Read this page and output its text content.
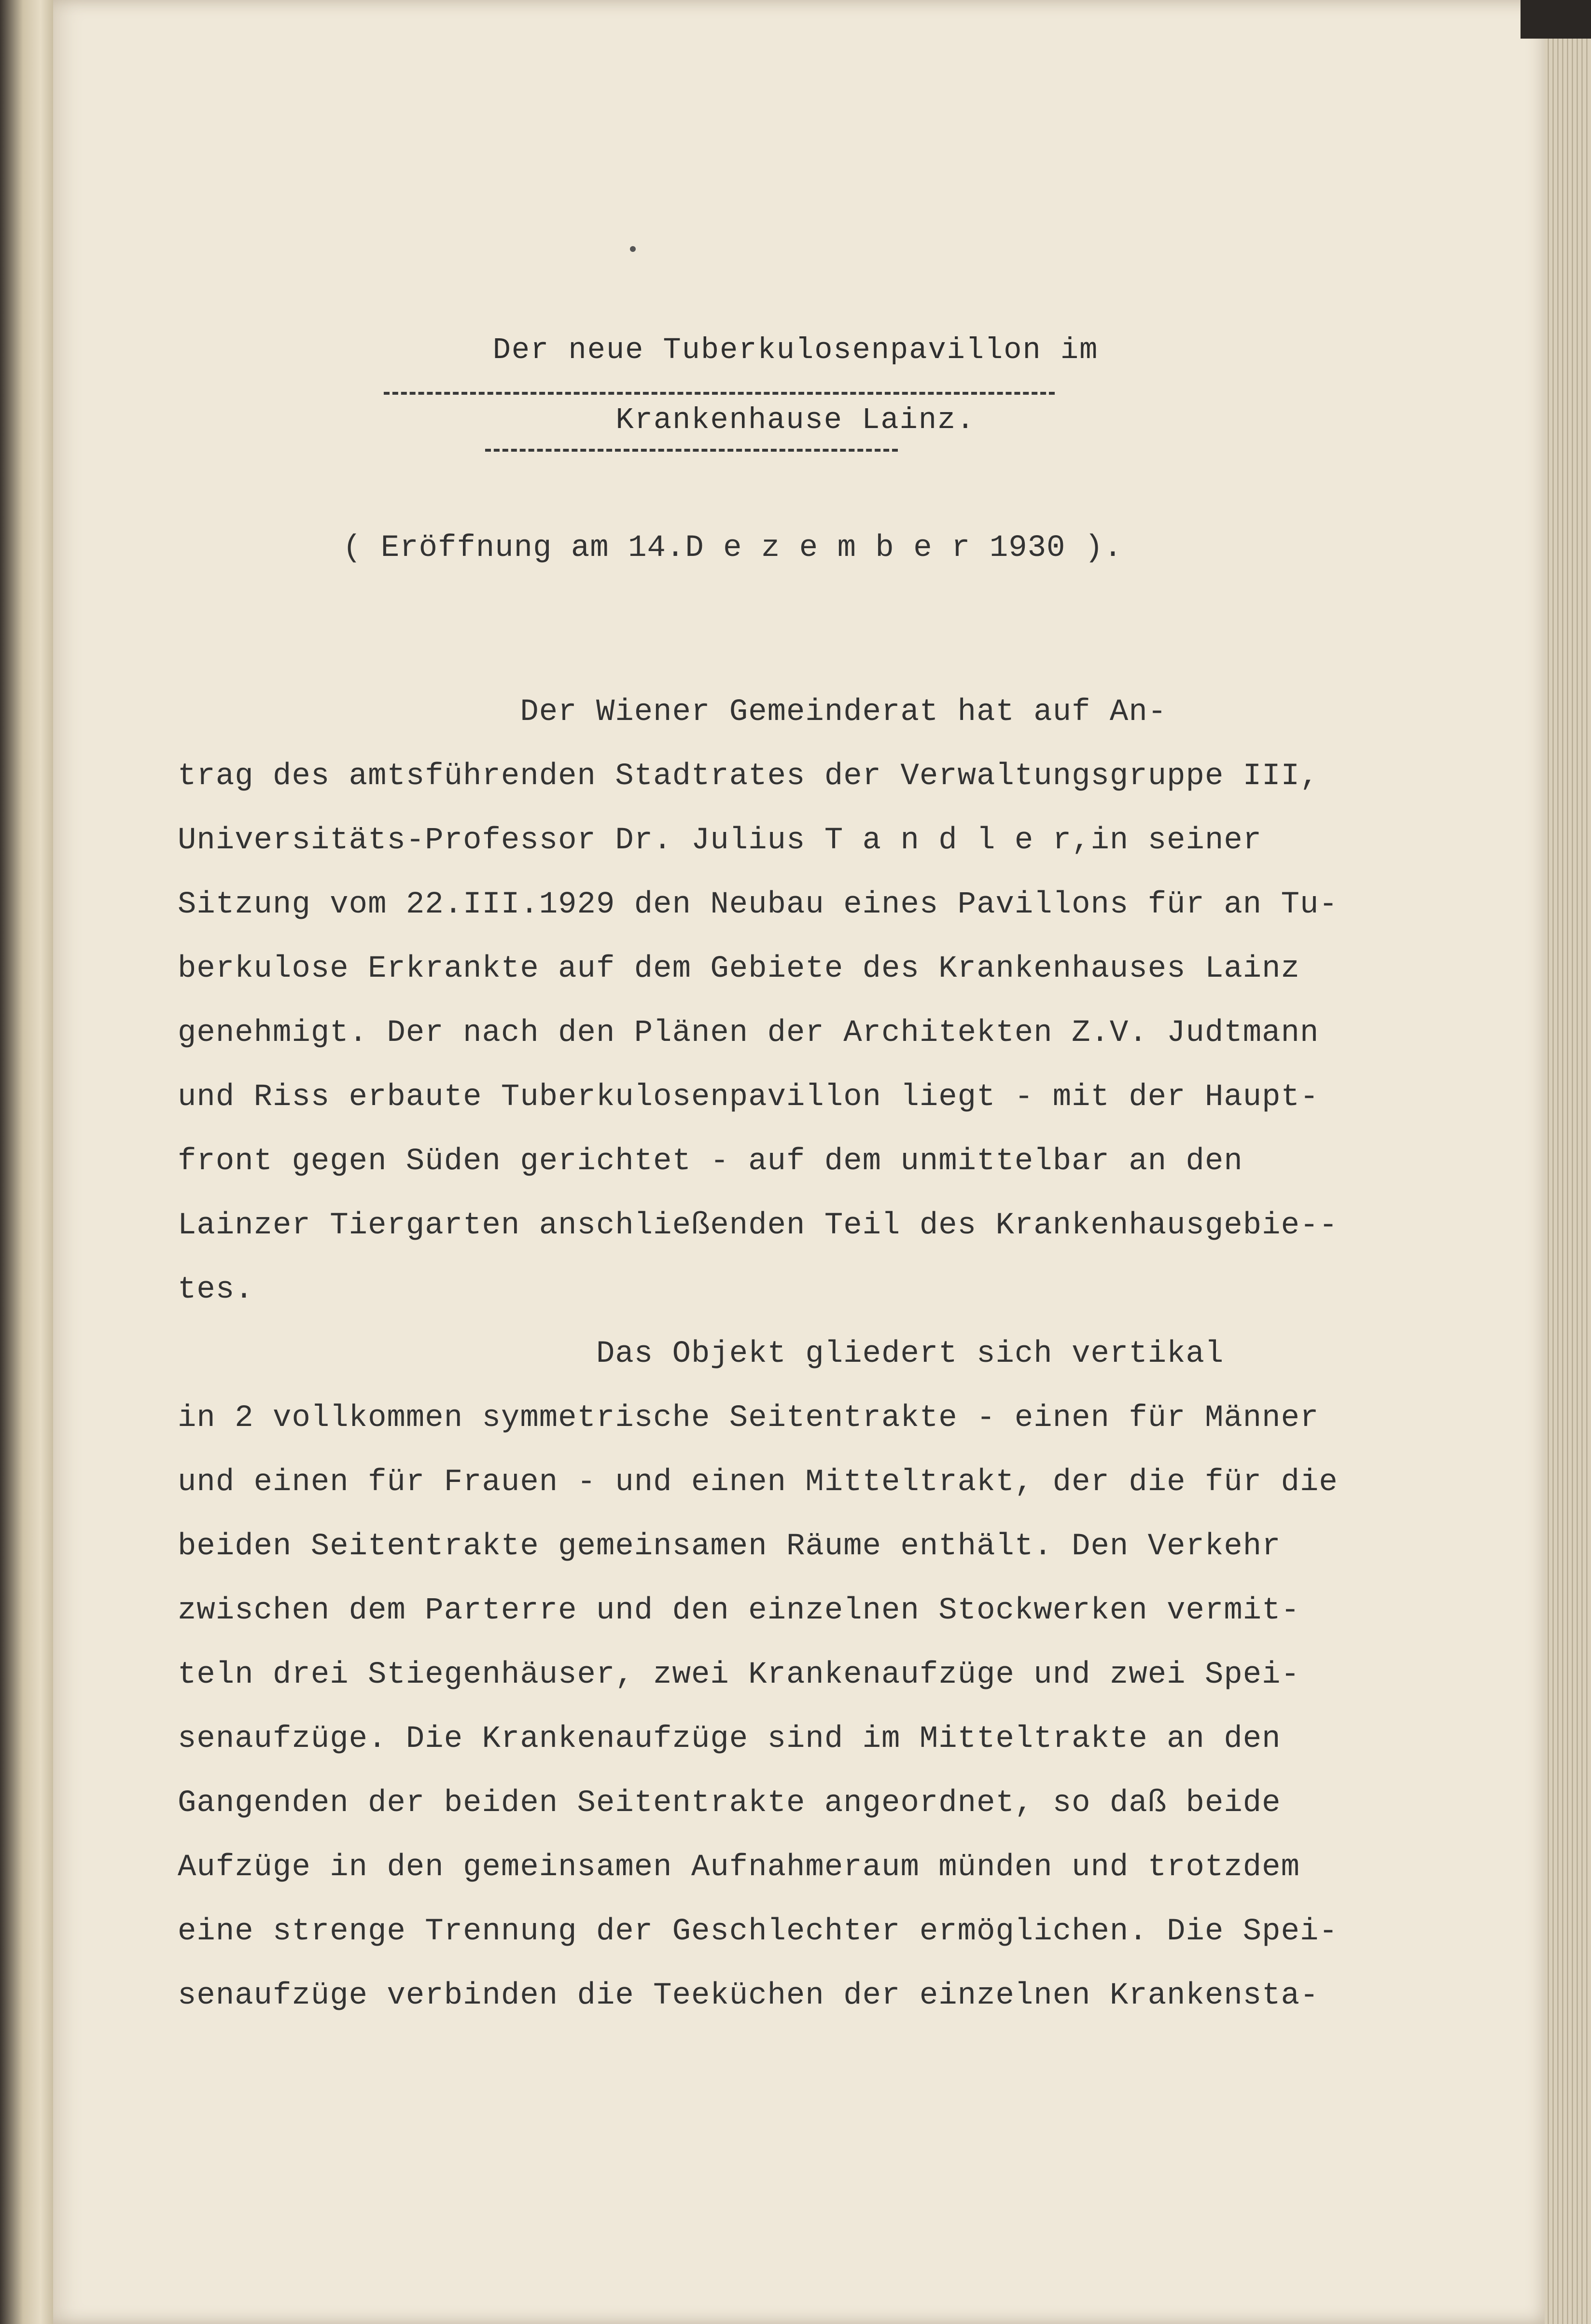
Der neue Tuberkulosenpavillon im
Krankenhause Lainz.
( Eröffnung am 14.D e z e m b e r 1930 ).
Der Wiener Gemeinderat hat auf An-
trag des amtsführenden Stadtrates der Verwaltungsgruppe III,
Universitäts-Professor Dr. Julius T a n d l e r,in seiner
Sitzung vom 22.III.1929 den Neubau eines Pavillons für an Tu-
berkulose Erkrankte auf dem Gebiete des Krankenhauses Lainz
genehmigt. Der nach den Plänen der Architekten Z.V. Judtmann
und Riss erbaute Tuberkulosenpavillon liegt - mit der Haupt-
front gegen Süden gerichtet - auf dem unmittelbar an den
Lainzer Tiergarten anschließenden Teil des Krankenhausgebie--
tes.
Das Objekt gliedert sich vertikal
in 2 vollkommen symmetrische Seitentrakte - einen für Männer
und einen für Frauen - und einen Mitteltrakt, der die für die
beiden Seitentrakte gemeinsamen Räume enthält. Den Verkehr
zwischen dem Parterre und den einzelnen Stockwerken vermit-
teln drei Stiegenhäuser, zwei Krankenaufzüge und zwei Spei-
senaufzüge. Die Krankenaufzüge sind im Mitteltrakte an den
Gangenden der beiden Seitentrakte angeordnet, so daß beide
Aufzüge in den gemeinsamen Aufnahmeraum münden und trotzdem
eine strenge Trennung der Geschlechter ermöglichen. Die Spei-
senaufzüge verbinden die Teeküchen der einzelnen Krankensta-
